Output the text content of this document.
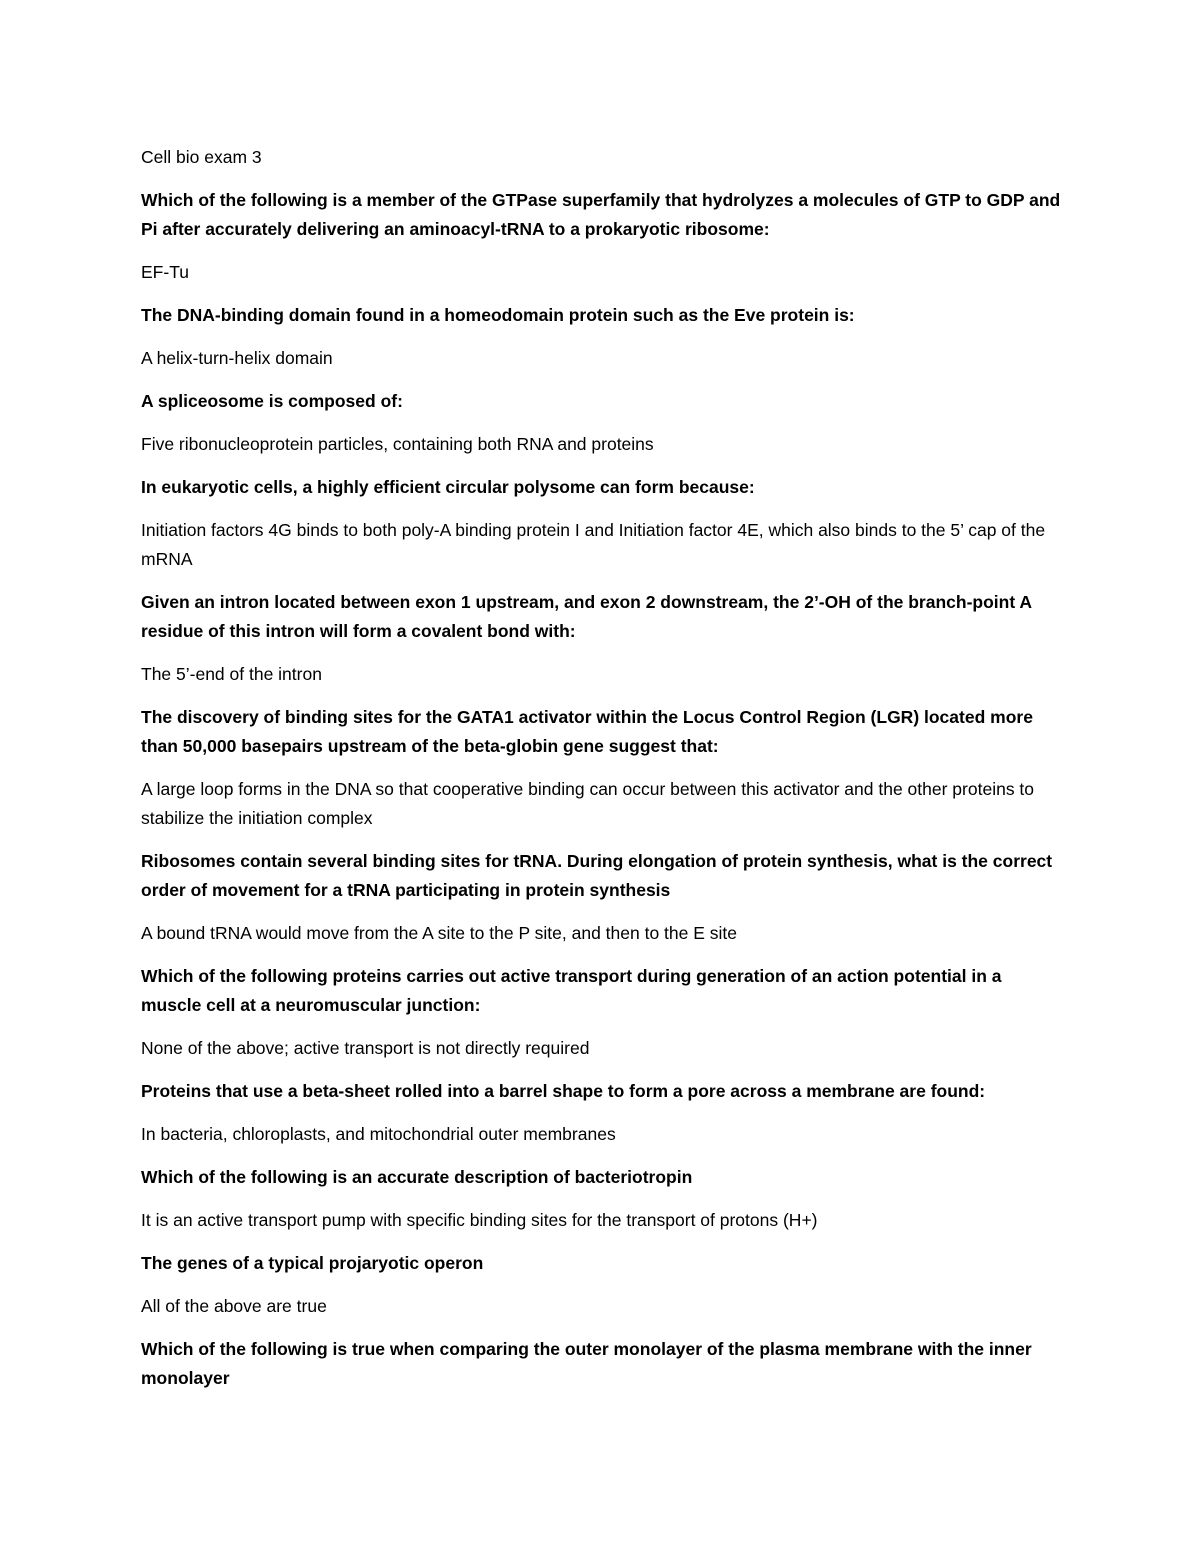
Cell bio exam 3

Which of the following is a member of the GTPase superfamily that hydrolyzes a molecules of GTP to GDP and Pi after accurately delivering an aminoacyl-tRNA to a prokaryotic ribosome:

EF-Tu

The DNA-binding domain found in a homeodomain protein such as the Eve protein is:

A helix-turn-helix domain

A spliceosome is composed of:

Five ribonucleoprotein particles, containing both RNA and proteins

In eukaryotic cells, a highly efficient circular polysome can form because:

Initiation factors 4G binds to both poly-A binding protein I and Initiation factor 4E, which also binds to the 5’ cap of the mRNA

Given an intron located between exon 1 upstream, and exon 2 downstream, the 2’-OH of the branch-point A residue of this intron will form a covalent bond with:

The 5’-end of the intron

The discovery of binding sites for the GATA1 activator within the Locus Control Region (LGR) located more than 50,000 basepairs upstream of the beta-globin gene suggest that:

A large loop forms in the DNA so that cooperative binding can occur between this activator and the other proteins to stabilize the initiation complex

Ribosomes contain several binding sites for tRNA. During elongation of protein synthesis, what is the correct order of movement for a tRNA participating in protein synthesis

A bound tRNA would move from the A site to the P site, and then to the E site

Which of the following proteins carries out active transport during generation of an action potential in a muscle cell at a neuromuscular junction:

None of the above; active transport is not directly required

Proteins that use a beta-sheet rolled into a barrel shape to form a pore across a membrane are found:

In bacteria, chloroplasts, and mitochondrial outer membranes

Which of the following is an accurate description of bacteriotropin

It is an active transport pump with specific binding sites for the transport of protons (H+)

The genes of a typical projaryotic operon

All of the above are true

Which of the following is true when comparing the outer monolayer of the plasma membrane with the inner monolayer
